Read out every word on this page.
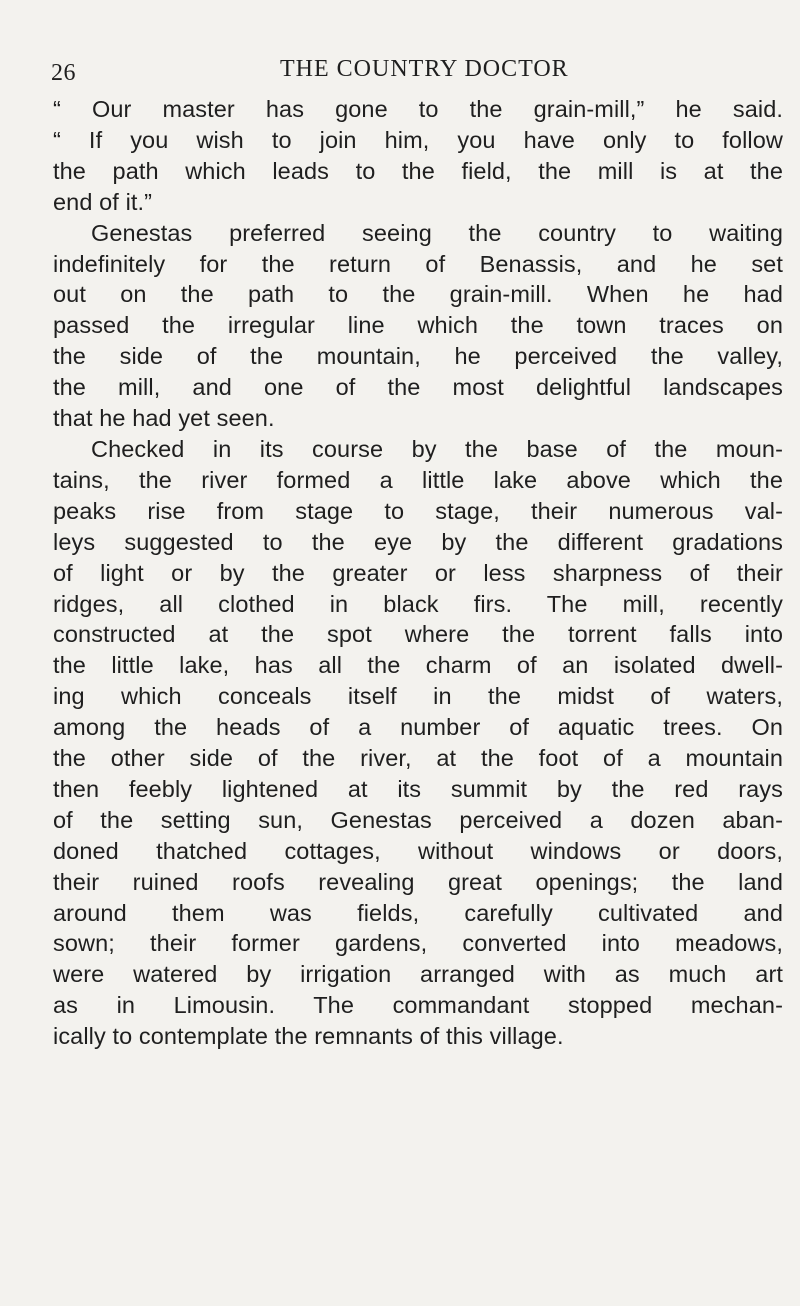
26	THE COUNTRY DOCTOR
“ Our master has gone to the grain-mill,” he said.
“ If you wish to join him, you have only to follow
the path which leads to the field, the mill is at the
end of it.”
Genestas preferred seeing the country to waiting
indefinitely for the return of Benassis, and he set
out on the path to the grain-mill. When he had
passed the irregular line which the town traces on
the side of the mountain, he perceived the valley,
the mill, and one of the most delightful landscapes
that he had yet seen.
Checked in its course by the base of the moun-
tains, the river formed a little lake above which the
peaks rise from stage to stage, their numerous val-
leys suggested to the eye by the different gradations
of light or by the greater or less sharpness of their
ridges, all clothed in black firs. The mill, recently
constructed at the spot where the torrent falls into
the little lake, has all the charm of an isolated dwell-
ing which conceals itself in the midst of waters,
among the heads of a number of aquatic trees. On
the other side of the river, at the foot of a mountain
then feebly lightened at its summit by the red rays
of the setting sun, Genestas perceived a dozen aban-
doned thatched cottages, without windows or doors,
their ruined roofs revealing great openings; the land
around them was fields, carefully cultivated and
sown; their former gardens, converted into meadows,
were watered by irrigation arranged with as much art
as in Limousin. The commandant stopped mechan-
ically to contemplate the remnants of this village.
